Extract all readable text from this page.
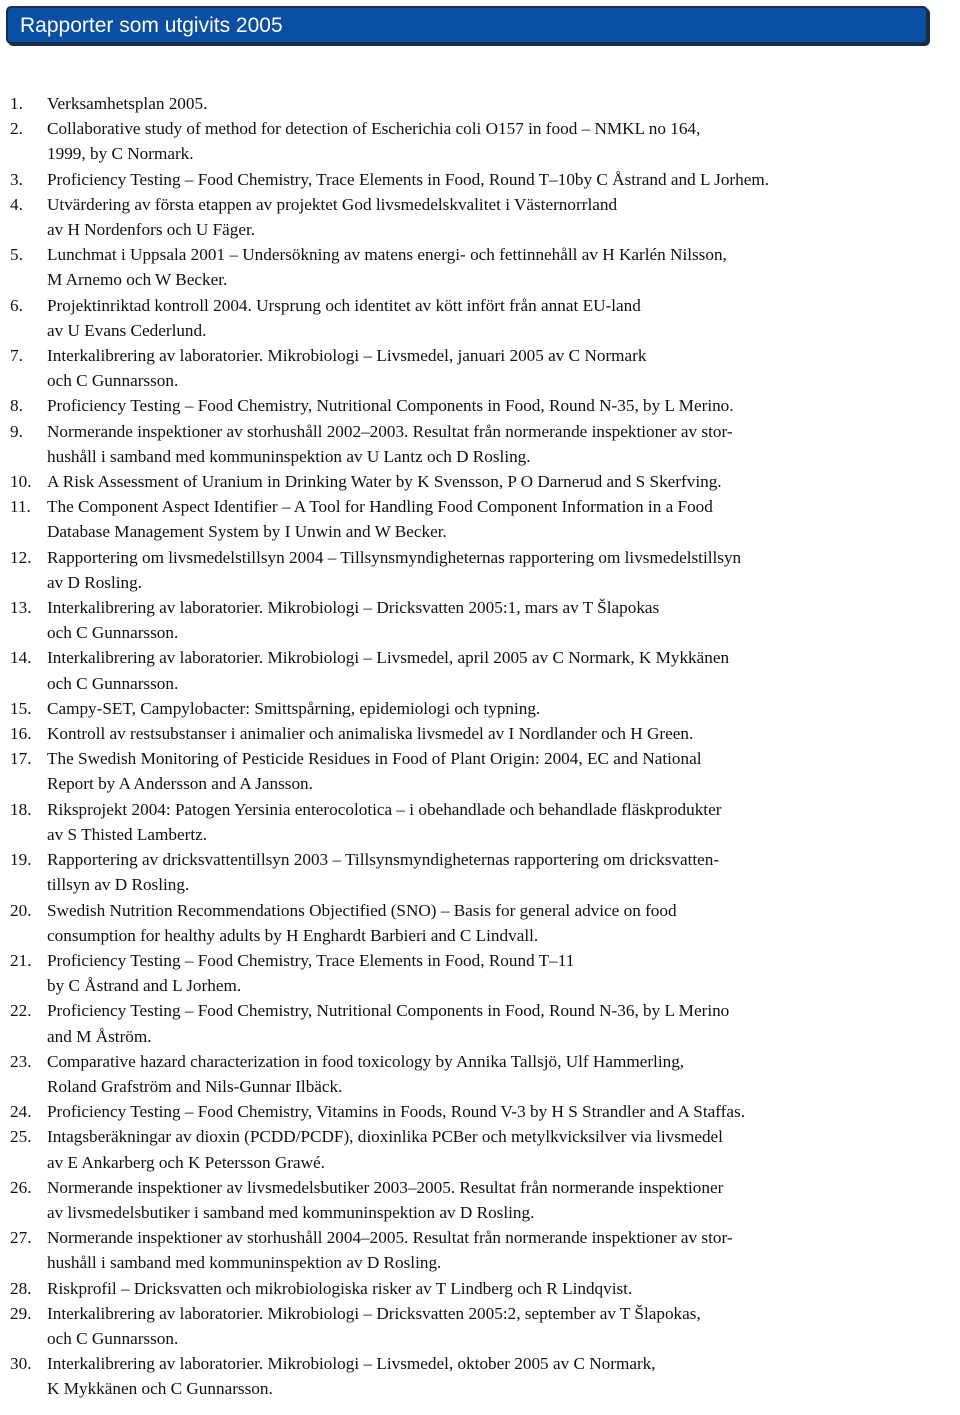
Rapporter som utgivits 2005
1. Verksamhetsplan 2005.
2. Collaborative study of method for detection of Escherichia coli O157 in food – NMKL no 164,
1999, by C Normark.
3. Proficiency Testing – Food Chemistry, Trace Elements in Food, Round T–10by C Åstrand and L Jorhem.
4. Utvärdering av första etappen av projektet God livsmedelskvalitet i Västernorrland
av H Nordenfors och U Fäger.
5. Lunchmat i Uppsala 2001 – Undersökning av matens energi- och fettinnehåll av H Karlén Nilsson,
M Arnemo och W Becker.
6. Projektinriktad kontroll 2004. Ursprung och identitet av kött infört från annat EU-land
av U Evans Cederlund.
7. Interkalibrering av laboratorier. Mikrobiologi – Livsmedel, januari 2005 av C Normark
och C Gunnarsson.
8. Proficiency Testing – Food Chemistry, Nutritional Components in Food, Round N-35, by L Merino.
9. Normerande inspektioner av storhushåll 2002–2003. Resultat från normerande inspektioner av stor-
hushåll i samband med kommuninspektion av U Lantz och D Rosling.
10. A Risk Assessment of Uranium in Drinking Water by K Svensson, P O Darnerud and S Skerfving.
11. The Component Aspect Identifier – A Tool for Handling Food Component Information in a Food
Database Management System by I Unwin and W Becker.
12. Rapportering om livsmedelstillsyn 2004 – Tillsynsmyndigheternas rapportering om livsmedelstillsyn
av D Rosling.
13. Interkalibrering av laboratorier. Mikrobiologi – Dricksvatten 2005:1, mars av T Šlapokas
och C Gunnarsson.
14. Interkalibrering av laboratorier. Mikrobiologi – Livsmedel, april 2005 av C Normark, K Mykkänen
och C Gunnarsson.
15. Campy-SET, Campylobacter: Smittspårning, epidemiologi och typning.
16. Kontroll av restsubstanser i animalier och animaliska livsmedel av I Nordlander och H Green.
17. The Swedish Monitoring of Pesticide Residues in Food of Plant Origin: 2004, EC and National
Report by A Andersson and A Jansson.
18. Riksprojekt 2004: Patogen Yersinia enterocolotica – i obehandlade och behandlade fläskprodukter
av S Thisted Lambertz.
19. Rapportering av dricksvattentillsyn 2003 – Tillsynsmyndigheternas rapportering om dricksvatten-
tillsyn av D Rosling.
20. Swedish Nutrition Recommendations Objectified (SNO) – Basis for general advice on food
consumption for healthy adults by H Enghardt Barbieri and C Lindvall.
21. Proficiency Testing – Food Chemistry, Trace Elements in Food, Round T–11
by C Åstrand and L Jorhem.
22. Proficiency Testing – Food Chemistry, Nutritional Components in Food, Round N-36, by L Merino
and M Åström.
23. Comparative hazard characterization in food toxicology by Annika Tallsjö, Ulf Hammerling,
Roland Grafström and Nils-Gunnar Ilbäck.
24. Proficiency Testing – Food Chemistry, Vitamins in Foods, Round V-3 by H S Strandler and A Staffas.
25. Intagsberäkningar av dioxin (PCDD/PCDF), dioxinlika PCBer och metylkvicksilver via livsmedel
av E Ankarberg och K Petersson Grawé.
26. Normerande inspektioner av livsmedelsbutiker 2003–2005. Resultat från normerande inspektioner
av livsmedelsbutiker i samband med kommuninspektion av D Rosling.
27. Normerande inspektioner av storhushåll 2004–2005. Resultat från normerande inspektioner av stor-
hushåll i samband med kommuninspektion av D Rosling.
28. Riskprofil – Dricksvatten och mikrobiologiska risker av T Lindberg och R Lindqvist.
29. Interkalibrering av laboratorier. Mikrobiologi – Dricksvatten 2005:2, september av T Šlapokas,
och C Gunnarsson.
30. Interkalibrering av laboratorier. Mikrobiologi – Livsmedel, oktober 2005 av C Normark,
K Mykkänen och C Gunnarsson.
